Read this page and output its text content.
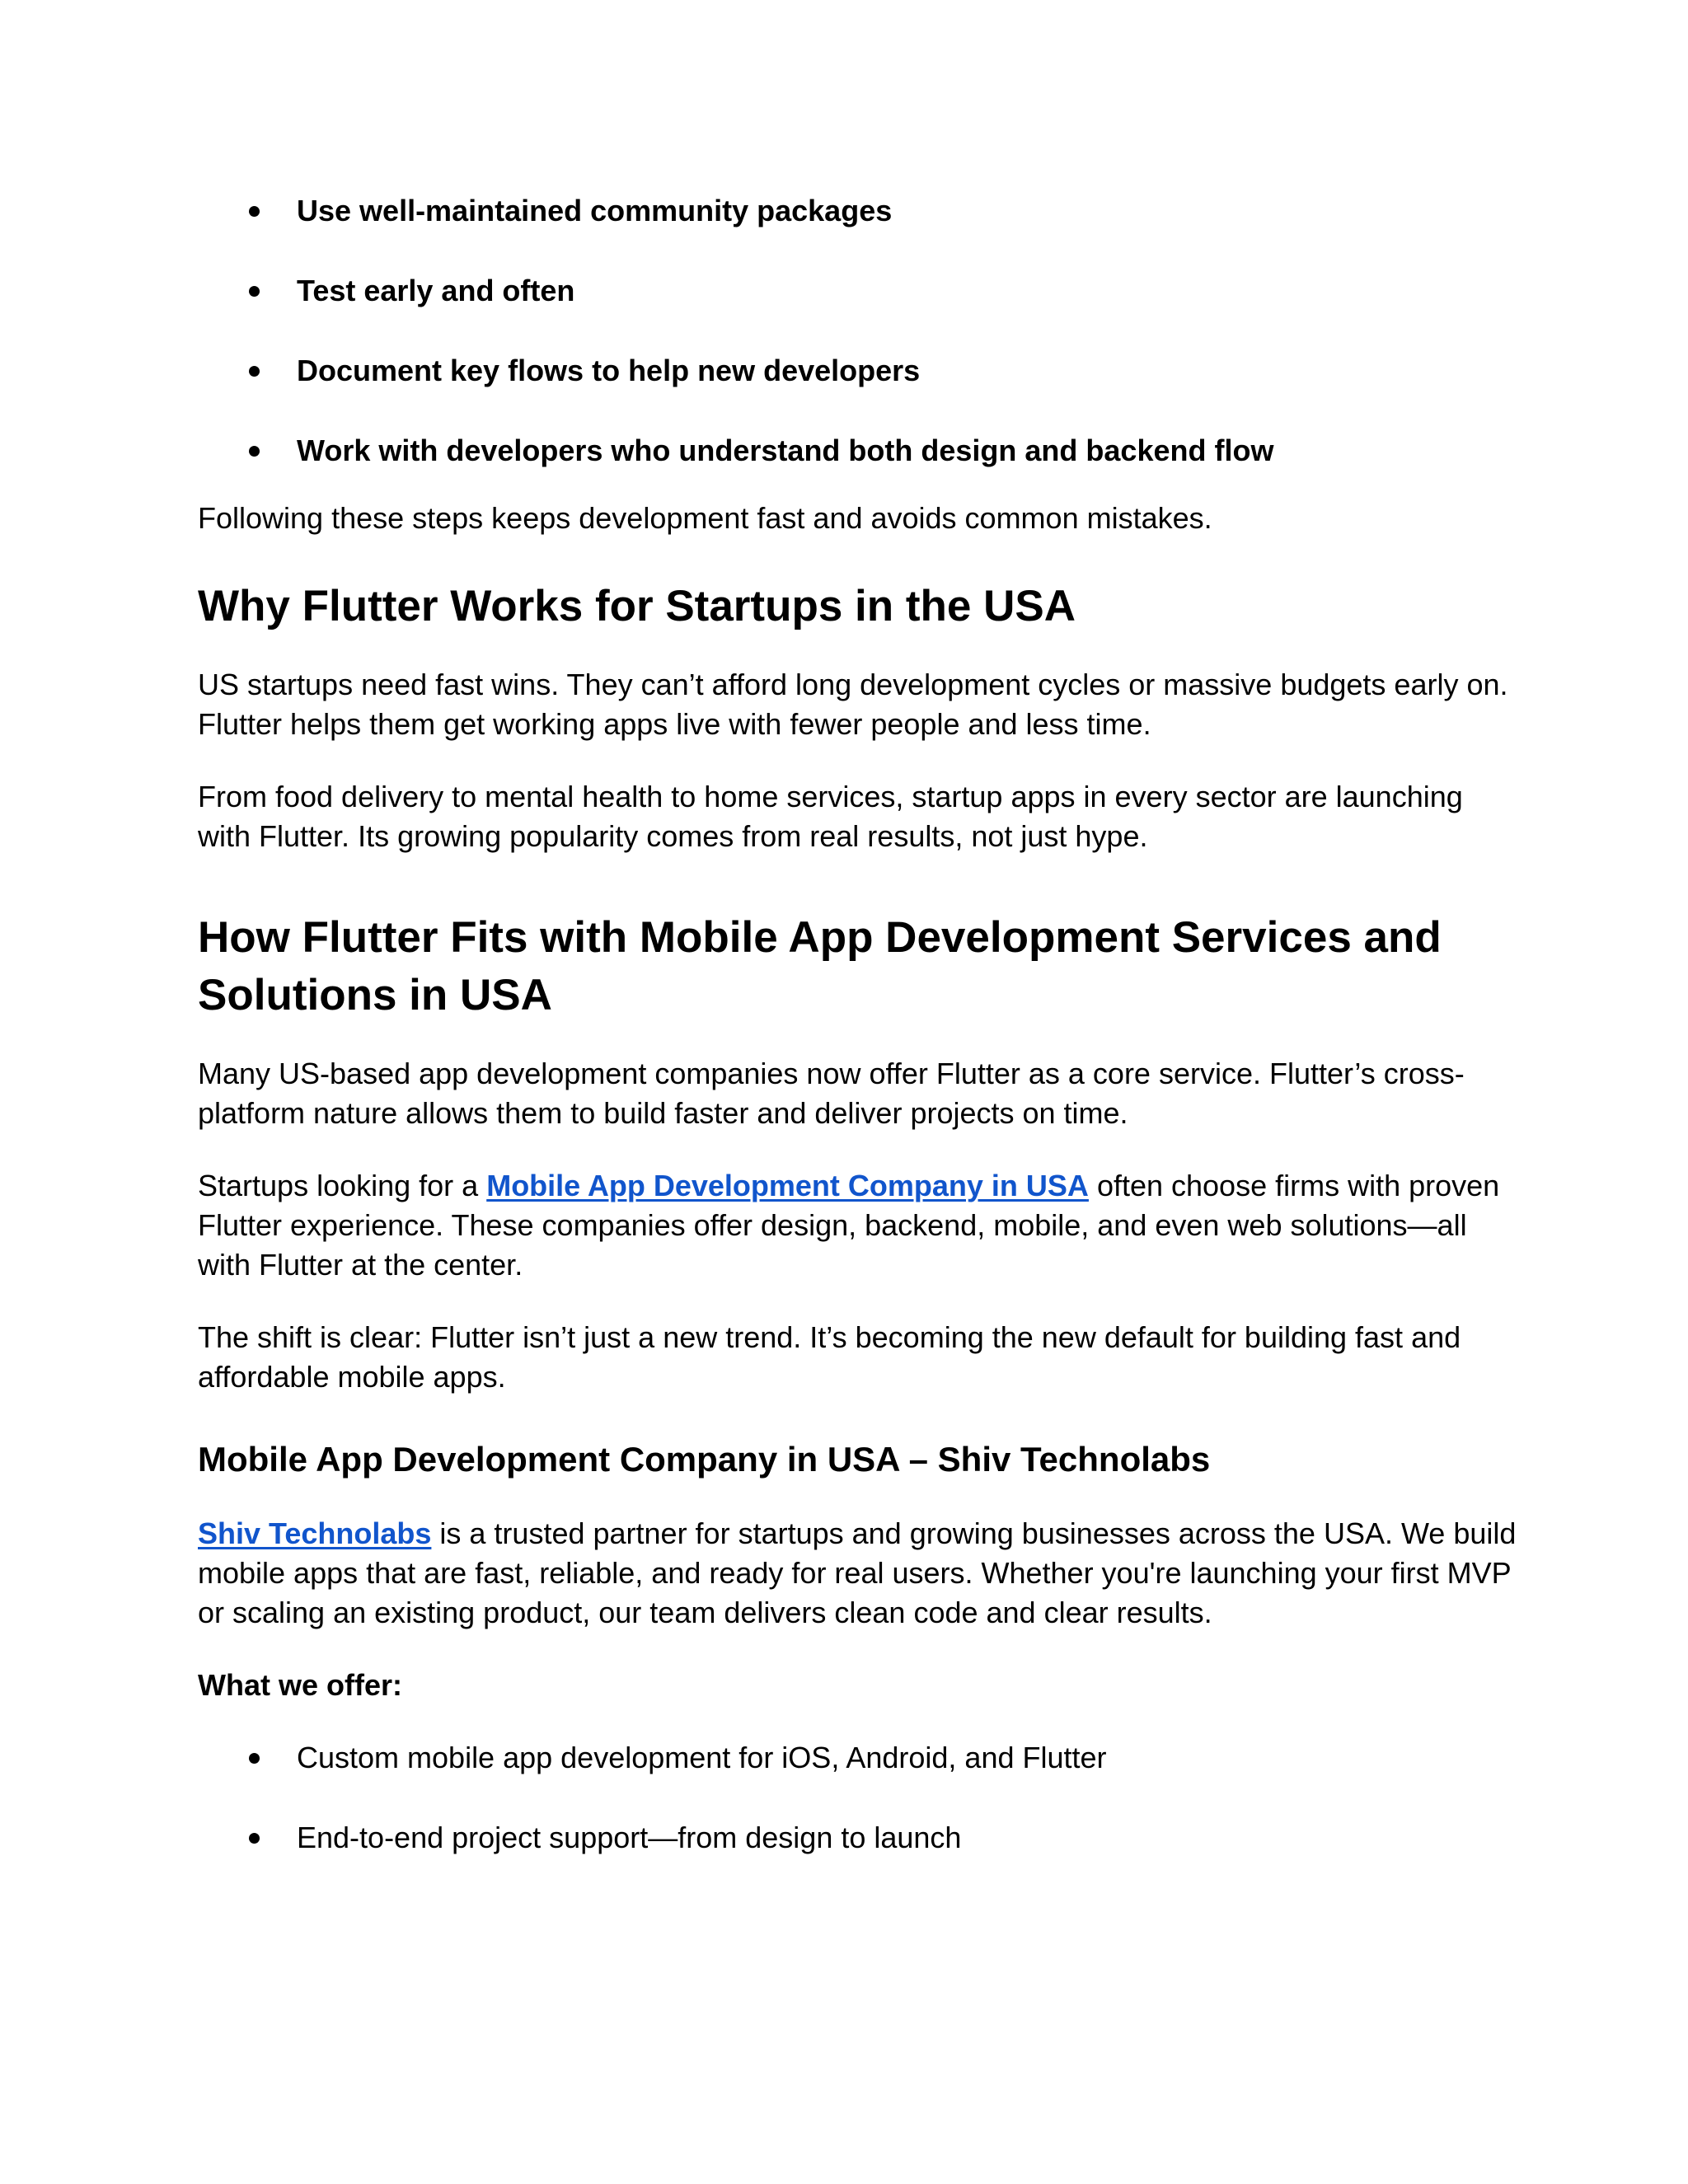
Use well-maintained community packages
Test early and often
Document key flows to help new developers
Work with developers who understand both design and backend flow

Following these steps keeps development fast and avoids common mistakes.

Why Flutter Works for Startups in the USA

US startups need fast wins. They can’t afford long development cycles or massive budgets early on. Flutter helps them get working apps live with fewer people and less time.

From food delivery to mental health to home services, startup apps in every sector are launching with Flutter. Its growing popularity comes from real results, not just hype.

How Flutter Fits with Mobile App Development Services and Solutions in USA

Many US-based app development companies now offer Flutter as a core service. Flutter’s cross-platform nature allows them to build faster and deliver projects on time.

Startups looking for a Mobile App Development Company in USA often choose firms with proven Flutter experience. These companies offer design, backend, mobile, and even web solutions—all with Flutter at the center.

The shift is clear: Flutter isn’t just a new trend. It’s becoming the new default for building fast and affordable mobile apps.

Mobile App Development Company in USA – Shiv Technolabs

Shiv Technolabs is a trusted partner for startups and growing businesses across the USA. We build mobile apps that are fast, reliable, and ready for real users. Whether you're launching your first MVP or scaling an existing product, our team delivers clean code and clear results.

What we offer:

Custom mobile app development for iOS, Android, and Flutter
End-to-end project support—from design to launch
